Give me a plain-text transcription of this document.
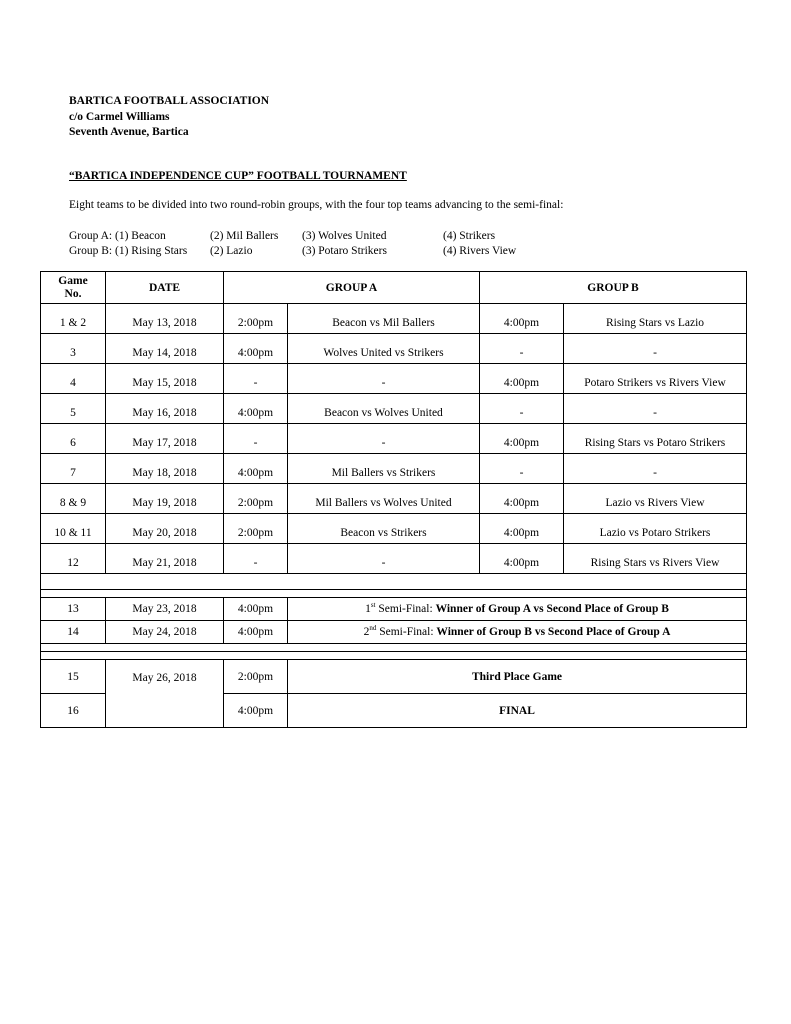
BARTICA FOOTBALL ASSOCIATION
c/o Carmel Williams
Seventh Avenue, Bartica
“BARTICA INDEPENDENCE CUP” FOOTBALL TOURNAMENT
Eight teams to be divided into two round-robin groups, with the four top teams advancing to the semi-final:
Group A: (1) Beacon	(2) Mil Ballers (3) Wolves United	(4) Strikers
Group B: (1) Rising Stars (2) Lazio	(3) Potaro Strikers	(4) Rivers View
Game
No.	DATE	GROUP A		GROUP B	
1 & 2	May 13, 2018	2:00pm	Beacon vs Mil Ballers	4:00pm	Rising Stars vs Lazio
3	May 14, 2018	4:00pm	Wolves United vs Strikers	-	-
4	May 15, 2018	-	-	4:00pm	Potaro Strikers vs Rivers View
5	May 16, 2018	4:00pm	Beacon vs Wolves United	-	-
6	May 17, 2018	-	-	4:00pm	Rising Stars vs Potaro Strikers
7	May 18, 2018	4:00pm	Mil Ballers vs Strikers	-	-
8 & 9	May 19, 2018	2:00pm	Mil Ballers vs Wolves United	4:00pm	Lazio vs Rivers View
10 & 11	May 20, 2018	2:00pm	Beacon vs Strikers	4:00pm	Lazio vs Potaro Strikers
12	May 21, 2018	-	-	4:00pm	Rising Stars vs Rivers View

13	May 23, 2018	4:00pm	1st Semi-Final: Winner of Group A vs Second Place of Group B		
14	May 24, 2018	4:00pm	2nd Semi-Final: Winner of Group B vs Second Place of Group A		

15	May 26, 2018	2:00pm	Third Place Game		
16		4:00pm	FINAL		
